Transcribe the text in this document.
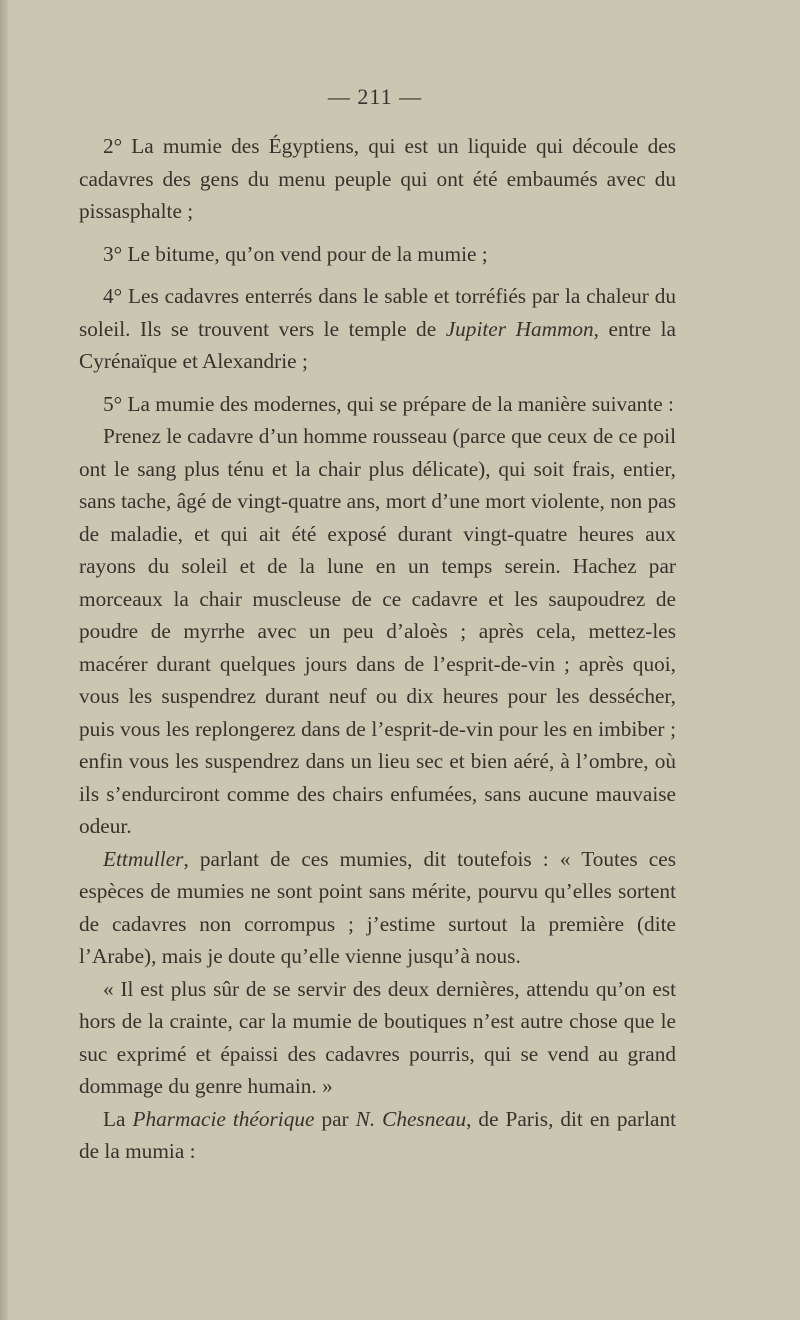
— 211 —

2° La mumie des Égyptiens, qui est un liquide qui découle des cadavres des gens du menu peuple qui ont été embaumés avec du pissasphalte ;

3° Le bitume, qu’on vend pour de la mumie ;

4° Les cadavres enterrés dans le sable et torréfiés par la chaleur du soleil. Ils se trouvent vers le temple de Jupiter Hammon, entre la Cyrénaïque et Alexandrie ;

5° La mumie des modernes, qui se prépare de la manière suivante :

Prenez le cadavre d’un homme rousseau (parce que ceux de ce poil ont le sang plus ténu et la chair plus délicate), qui soit frais, entier, sans tache, âgé de vingt-quatre ans, mort d’une mort violente, non pas de maladie, et qui ait été exposé durant vingt-quatre heures aux rayons du soleil et de la lune en un temps serein. Hachez par morceaux la chair muscleuse de ce cadavre et les saupoudrez de poudre de myrrhe avec un peu d’aloès ; après cela, mettez-les macérer durant quelques jours dans de l’esprit-de-vin ; après quoi, vous les suspendrez durant neuf ou dix heures pour les dessécher, puis vous les replongerez dans de l’esprit-de-vin pour les en imbiber ; enfin vous les suspendrez dans un lieu sec et bien aéré, à l’ombre, où ils s’endurciront comme des chairs enfumées, sans aucune mauvaise odeur.

Ettmuller, parlant de ces mumies, dit toutefois : « Toutes ces espèces de mumies ne sont point sans mérite, pourvu qu’elles sortent de cadavres non corrompus ; j’estime surtout la première (dite l’Arabe), mais je doute qu’elle vienne jusqu’à nous.

« Il est plus sûr de se servir des deux dernières, attendu qu’on est hors de la crainte, car la mumie de boutiques n’est autre chose que le suc exprimé et épaissi des cadavres pourris, qui se vend au grand dommage du genre humain. »

La Pharmacie théorique par N. Chesneau, de Paris, dit en parlant de la mumia :
